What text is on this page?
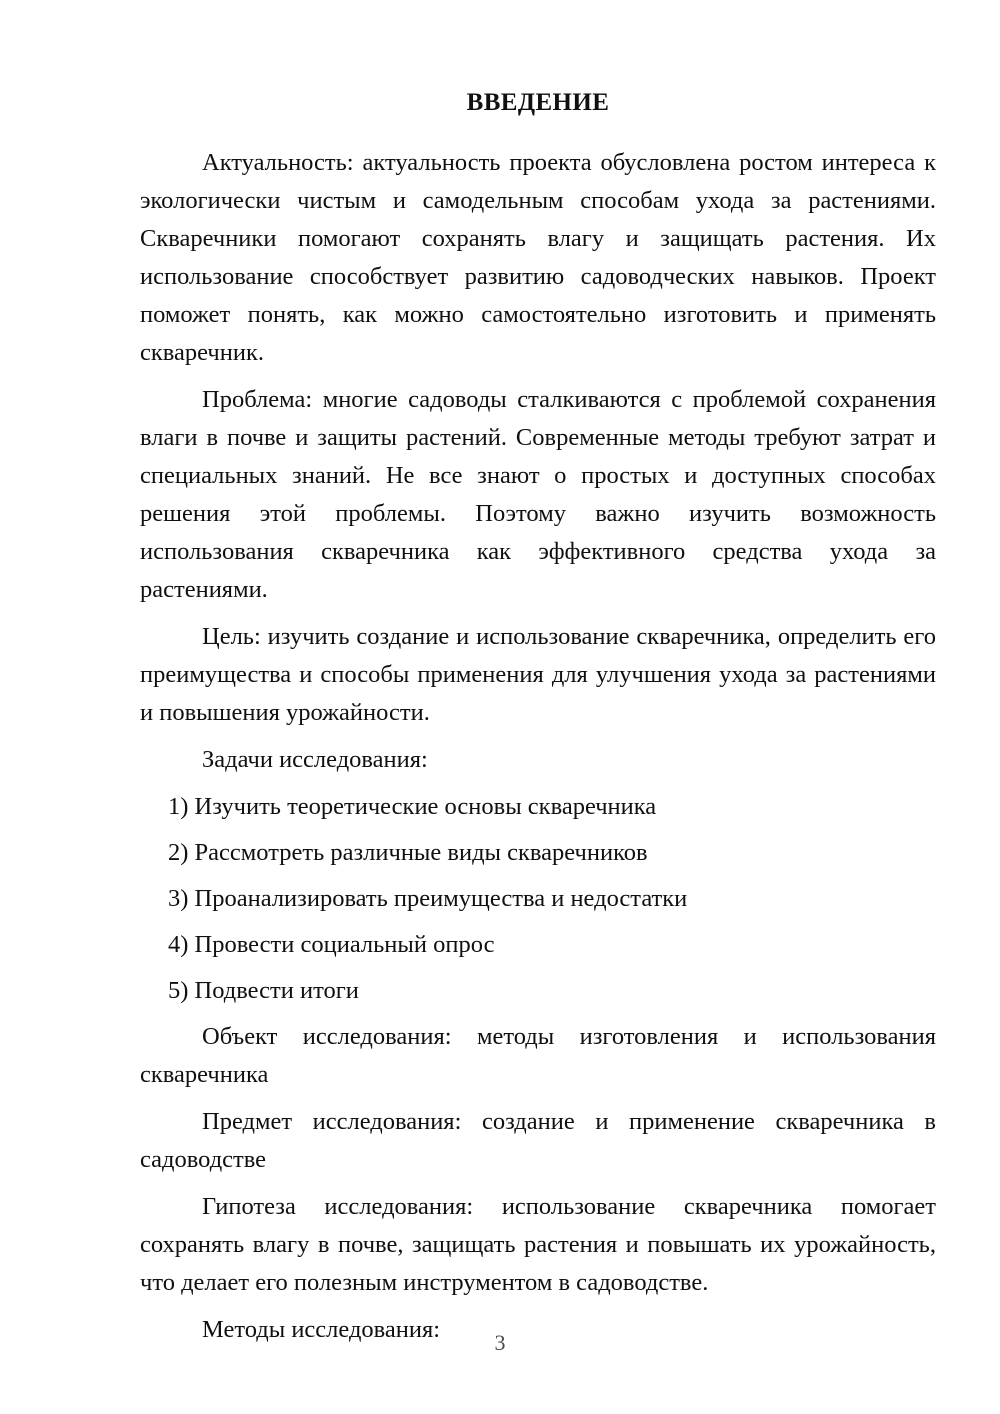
ВВЕДЕНИЕ

Актуальность: актуальность проекта обусловлена ростом интереса к экологически чистым и самодельным способам ухода за растениями. Скваречники помогают сохранять влагу и защищать растения. Их использование способствует развитию садоводческих навыков. Проект поможет понять, как можно самостоятельно изготовить и применять скваречник.

Проблема: многие садоводы сталкиваются с проблемой сохранения влаги в почве и защиты растений. Современные методы требуют затрат и специальных знаний. Не все знают о простых и доступных способах решения этой проблемы. Поэтому важно изучить возможность использования скваречника как эффективного средства ухода за растениями.

Цель: изучить создание и использование скваречника, определить его преимущества и способы применения для улучшения ухода за растениями и повышения урожайности.

Задачи исследования:

1) Изучить теоретические основы скваречника
2) Рассмотреть различные виды скваречников
3) Проанализировать преимущества и недостатки
4) Провести социальный опрос
5) Подвести итоги

Объект исследования: методы изготовления и использования скваречника

Предмет исследования: создание и применение скваречника в садоводстве

Гипотеза исследования: использование скваречника помогает сохранять влагу в почве, защищать растения и повышать их урожайность, что делает его полезным инструментом в садоводстве.

Методы исследования:	3
